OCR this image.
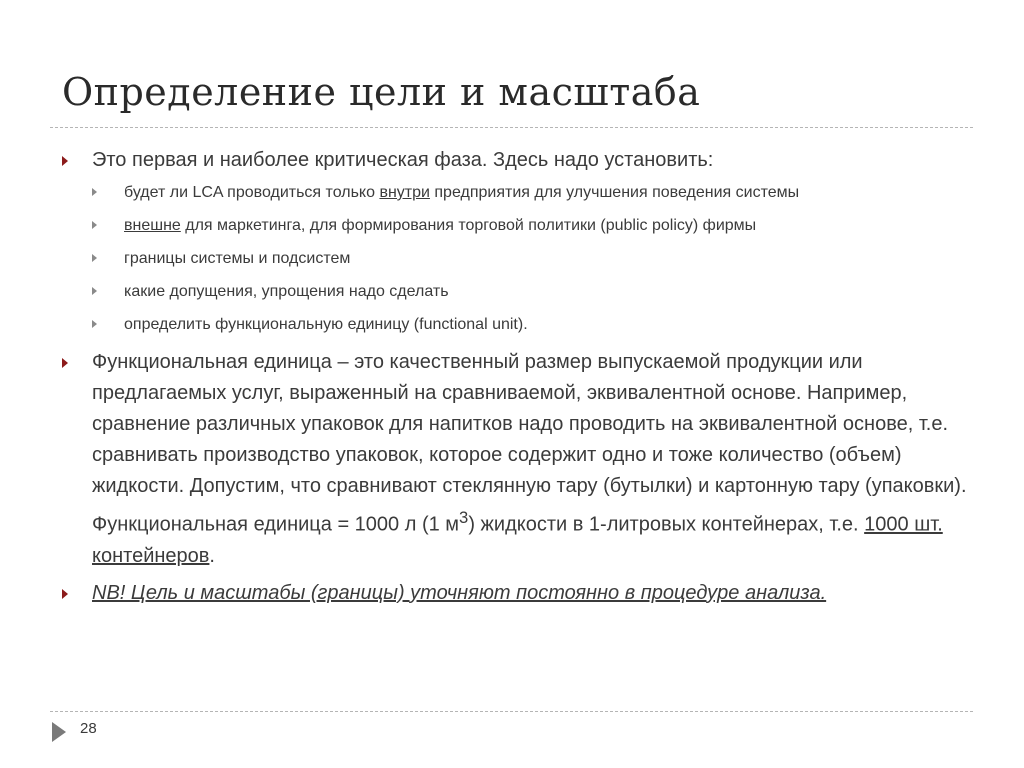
Определение цели и масштаба
Это первая и наиболее критическая фаза. Здесь надо установить:
будет ли LCA проводиться только внутри предприятия для улучшения поведения системы
внешне для маркетинга, для формирования торговой политики (public policy) фирмы
границы системы и подсистем
какие допущения, упрощения надо сделать
определить функциональную единицу (functional unit).
Функциональная единица – это качественный размер выпускаемой продукции или предлагаемых услуг, выраженный на сравниваемой, эквивалентной основе. Например, сравнение различных упаковок для напитков надо проводить на эквивалентной основе, т.е. сравнивать производство упаковок, которое содержит одно и тоже количество (объем) жидкости. Допустим, что сравнивают стеклянную тару (бутылки) и картонную тару (упаковки). Функциональная единица = 1000 л (1 $м^3$) жидкости в 1-литровых контейнерах, т.е. 1000 шт. контейнеров.
NB! Цель и масштабы (границы) уточняют постоянно в процедуре анализа.
28
